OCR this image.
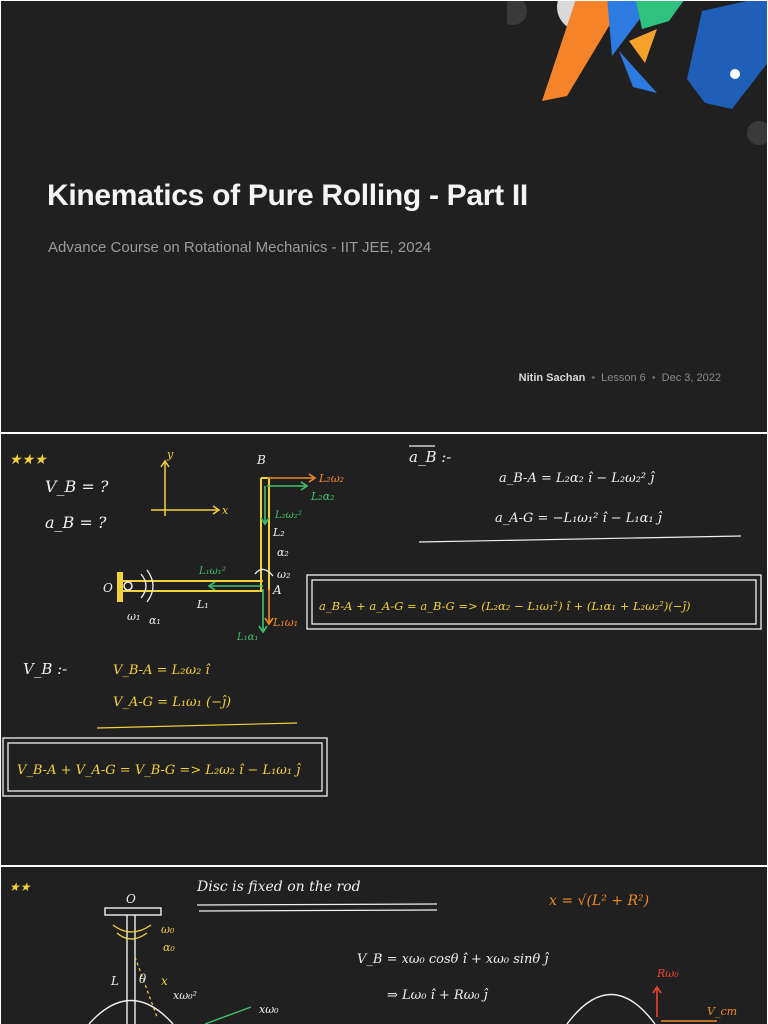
Kinematics of Pure Rolling - Part II

Advance Course on Rotational Mechanics - IIT JEE, 2024

Nitin Sachan • Lesson 6 • Dec 3, 2022
★★★
V_B = ?
a_B = ?
y
x
O
B
A
L₁
L₂
ω₁ α₁
α₂
ω₂
L₂ω₂
L₂α₂
L₂ω₂²
L₁ω₁²
L₁ω₁
L₁α₁
a_B :-
a_B-A = L₂α₂ î − L₂ω₂² ĵ
a_A-G = −L₁ω₁² î − L₁α₁ ĵ
a_B-A + a_A-G = a_B-G => (L₂α₂ − L₁ω₁²) î + (L₁α₁ + L₂ω₂²)(−ĵ)
V_B :-	V_B-A = L₂ω₂ î
V_A-G = L₁ω₁ (−ĵ)
V_B-A + V_A-G = V_B-G => L₂ω₂ î − L₁ω₁ ĵ
★★	Disc is fixed on the rod
x = √(L² + R²)
O
ω₀
α₀
L θ x
xω₀²
xω₀
V_B = xω₀ cosθ î + xω₀ sinθ ĵ
⇒ Lω₀ î + Rω₀ ĵ
Rω₀
V_cm
